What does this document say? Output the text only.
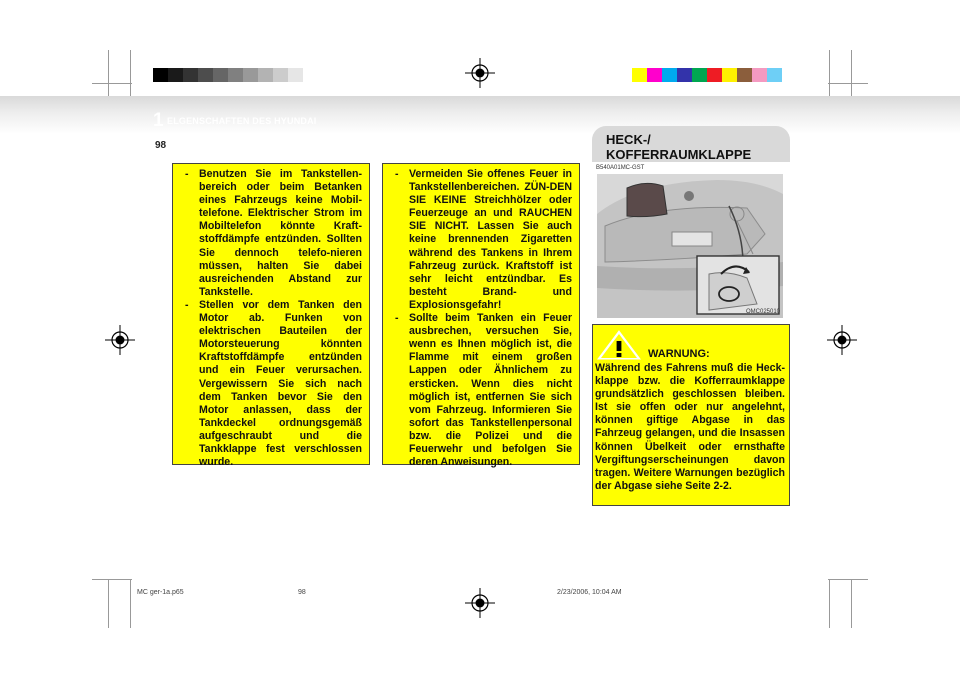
1 ELGENSCHAFTEN DES HYUNDAI
98	HECK-/
KOFFERRAUMKLAPPE
B540A01MC-GST
- Benutzen Sie im Tankstellen-bereich oder beim Betanken eines Fahrzeugs keine Mobil-telefone. Elektrischer Strom im Mobiltelefon könnte Kraft-stoffdämpfe entzünden. Sollten Sie dennoch telefo-nieren müssen, halten Sie dabei ausreichenden Abstand zur Tankstelle.
- Stellen vor dem Tanken den Motor ab. Funken von elektrischen Bauteilen der Motorsteuerung könnten Kraftstoffdämpfe entzünden und ein Feuer verursachen. Vergewissern Sie sich nach dem Tanken bevor Sie den Motor anlassen, dass der Tankdeckel ordnungsgemäß aufgeschraubt und die Tankklappe fest verschlossen wurde.
- Vermeiden Sie offenes Feuer in Tankstellenbereichen. ZÜN-DEN SIE KEINE Streichhölzer oder Feuerzeuge an und RAUCHEN SIE NICHT. Lassen Sie auch keine brennenden Zigaretten während des Tankens in Ihrem Fahrzeug zurück. Kraftstoff ist sehr leicht entzündbar. Es besteht Brand- und Explosionsgefahr!
- Sollte beim Tanken ein Feuer ausbrechen, versuchen Sie, wenn es Ihnen möglich ist, die Flamme mit einem großen Lappen oder Ähnlichem zu ersticken. Wenn dies nicht möglich ist, entfernen Sie sich vom Fahrzeug. Informieren Sie sofort das Tankstellenpersonal bzw. die Polizei und die Feuerwehr und befolgen Sie deren Anweisungen.
OMC025010
WARNUNG:
Während des Fahrens muß die Heck-klappe bzw. die Kofferraumklappe grundsätzlich geschlossen bleiben. Ist sie offen oder nur angelehnt, können giftige Abgase in das Fahrzeug gelangen, und die Insassen können Übelkeit oder ernsthafte Vergiftungserscheinungen davon tragen. Weitere Warnungen bezüglich der Abgase siehe Seite 2-2.
MC ger-1a.p65	98	2/23/2006, 10:04 AM
